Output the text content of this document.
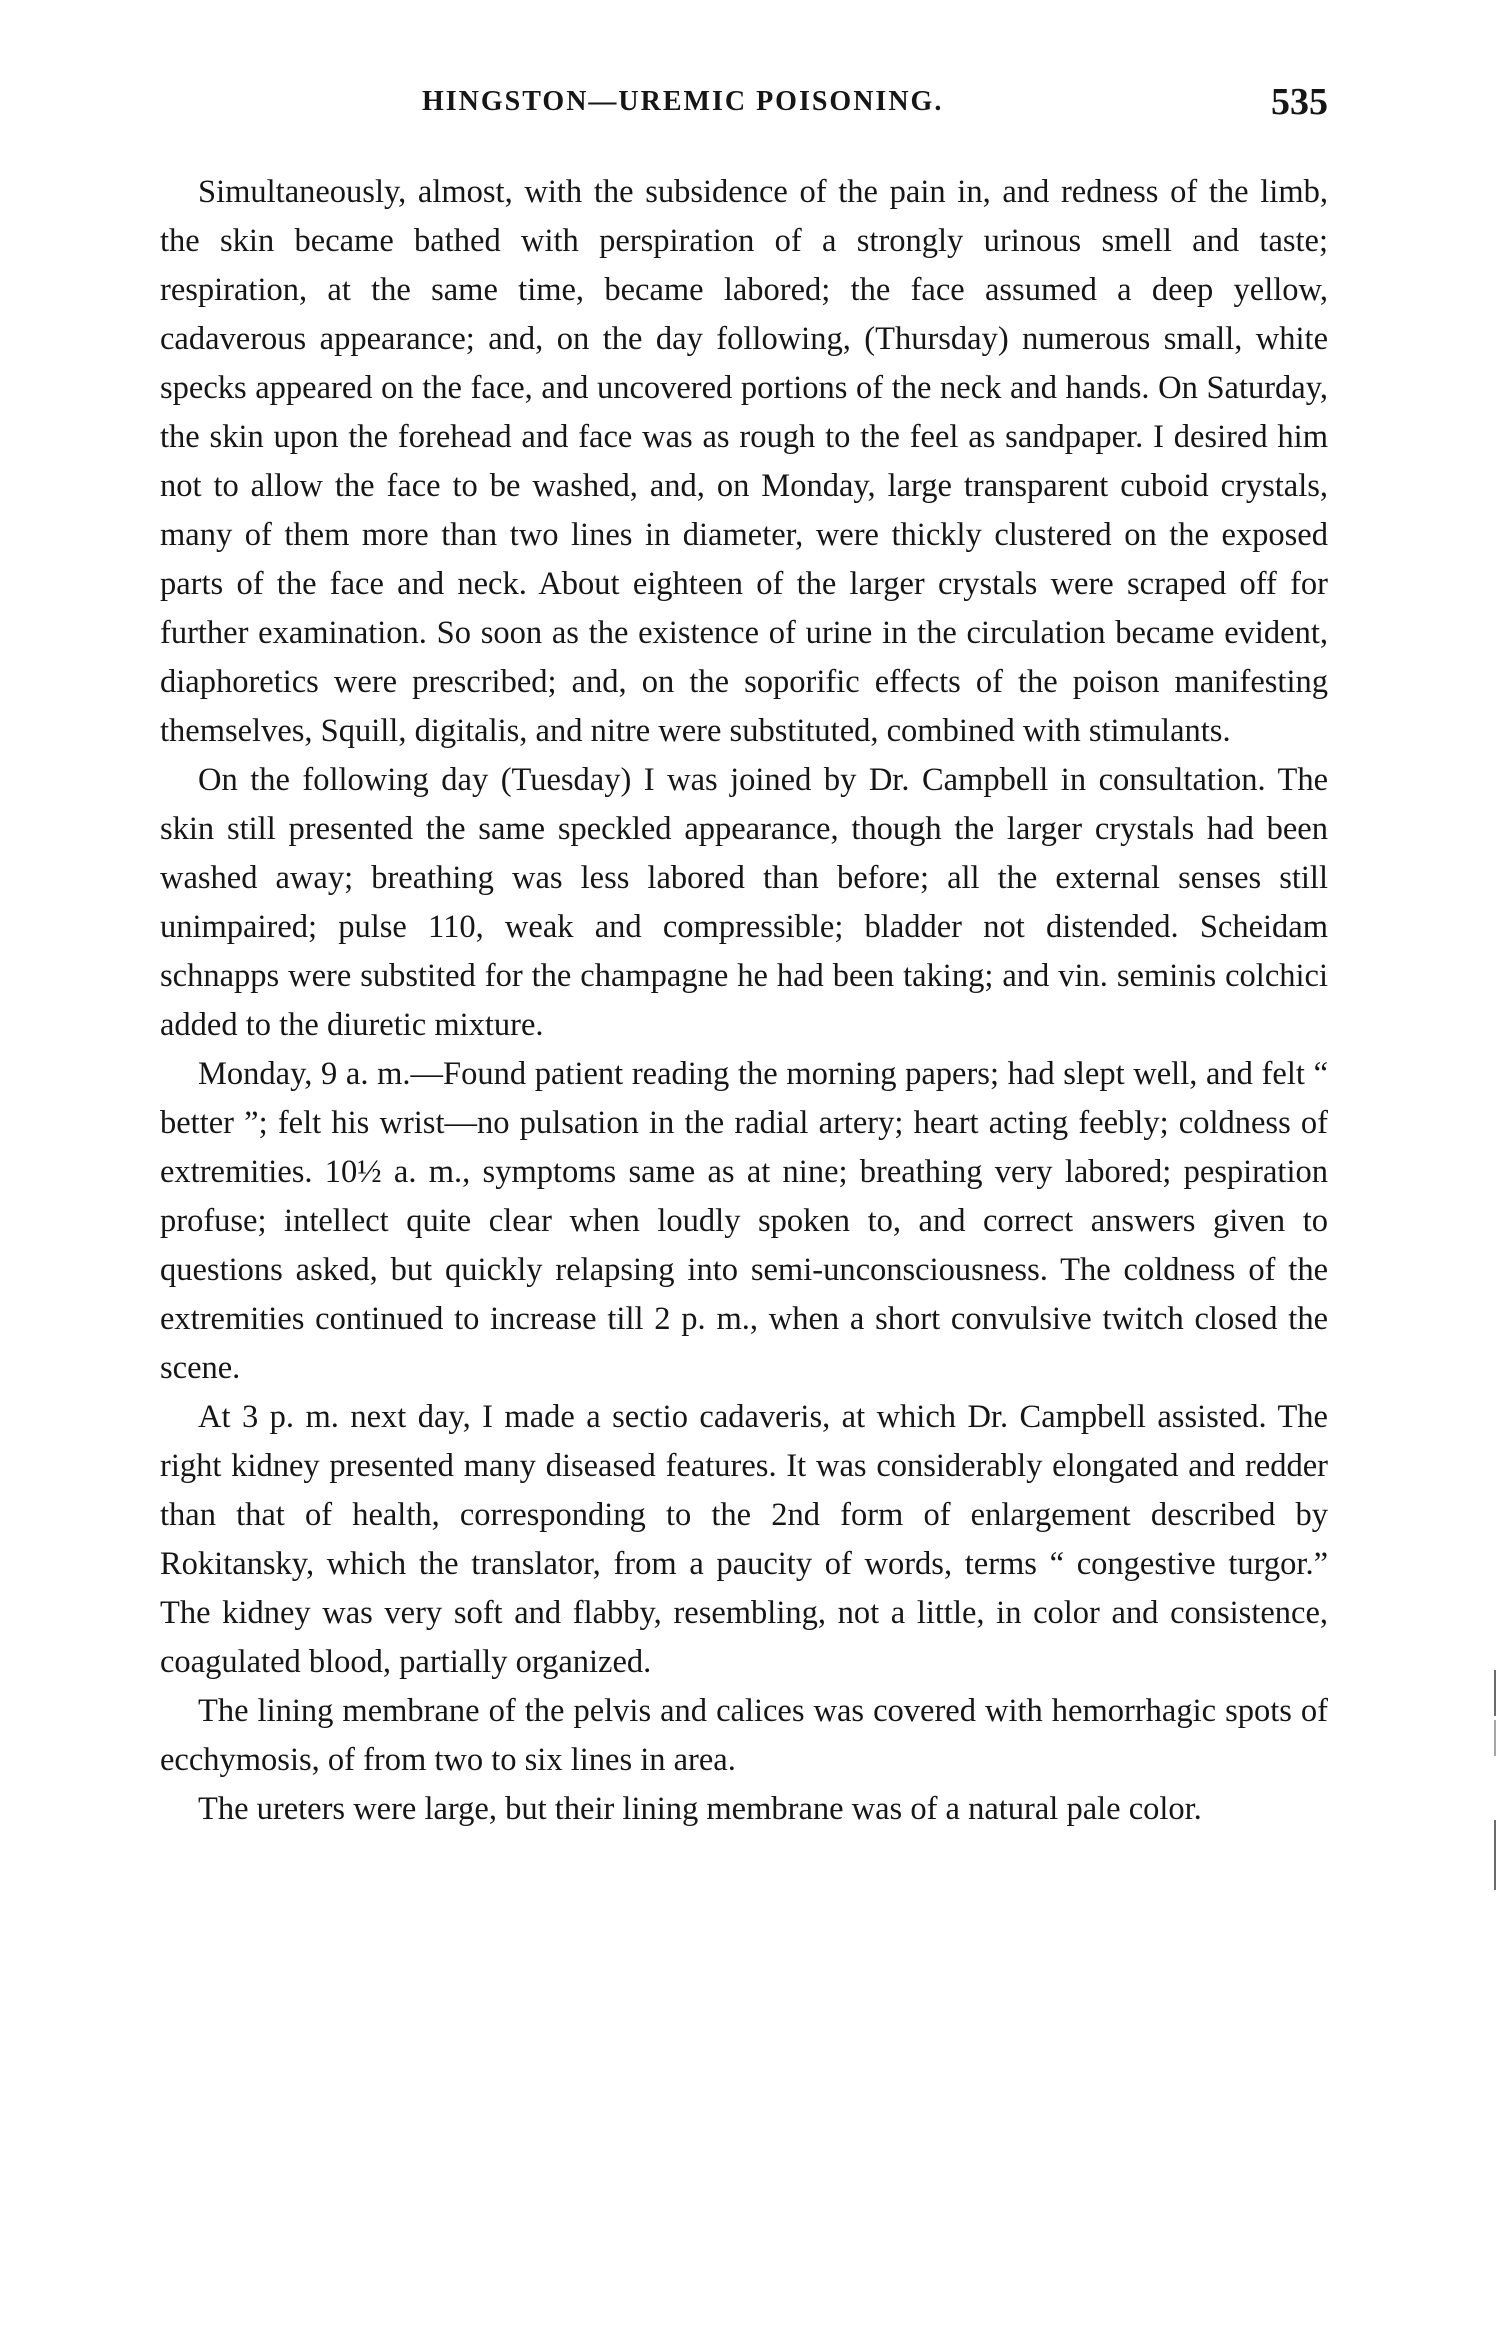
HINGSTON—UREMIC POISONING.	535

Simultaneously, almost, with the subsidence of the pain in, and redness of the limb, the skin became bathed with perspiration of a strongly urinous smell and taste; respiration, at the same time, became labored; the face assumed a deep yellow, cadaverous appearance; and, on the day following, (Thursday) numerous small, white specks appeared on the face, and uncovered portions of the neck and hands. On Saturday, the skin upon the forehead and face was as rough to the feel as sandpaper. I desired him not to allow the face to be washed, and, on Monday, large transparent cuboid crystals, many of them more than two lines in diameter, were thickly clustered on the exposed parts of the face and neck. About eighteen of the larger crystals were scraped off for further examination. So soon as the existence of urine in the circulation became evident, diaphoretics were prescribed; and, on the soporific effects of the poison manifesting themselves, Squill, digitalis, and nitre were substituted, combined with stimulants.

On the following day (Tuesday) I was joined by Dr. Campbell in consultation. The skin still presented the same speckled appearance, though the larger crystals had been washed away; breathing was less labored than before; all the external senses still unimpaired; pulse 110, weak and compressible; bladder not distended. Scheidam schnapps were substited for the champagne he had been taking; and vin. seminis colchici added to the diuretic mixture.

Monday, 9 a. m.—Found patient reading the morning papers; had slept well, and felt “ better ”; felt his wrist—no pulsation in the radial artery; heart acting feebly; coldness of extremities. 10½ a. m., symptoms same as at nine; breathing very labored; pespiration profuse; intellect quite clear when loudly spoken to, and correct answers given to questions asked, but quickly relapsing into semi-unconsciousness. The coldness of the extremities continued to increase till 2 p. m., when a short convulsive twitch closed the scene.

At 3 p. m. next day, I made a sectio cadaveris, at which Dr. Campbell assisted. The right kidney presented many diseased features. It was considerably elongated and redder than that of health, corresponding to the 2nd form of enlargement described by Rokitansky, which the translator, from a paucity of words, terms “ congestive turgor.” The kidney was very soft and flabby, resembling, not a little, in color and consistence, coagulated blood, partially organized.

The lining membrane of the pelvis and calices was covered with hemorrhagic spots of ecchymosis, of from two to six lines in area.

The ureters were large, but their lining membrane was of a natural pale color.
